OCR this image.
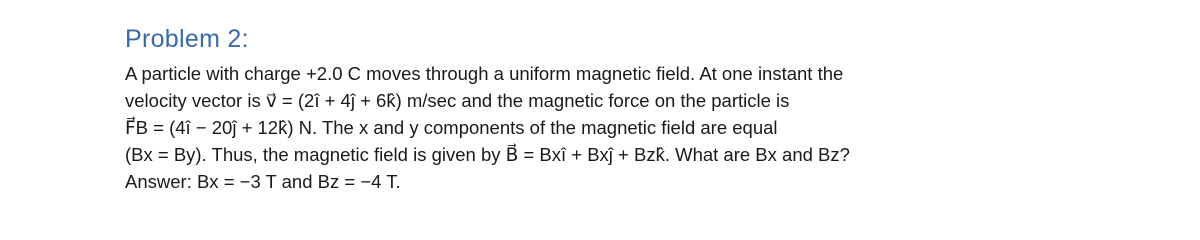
Problem 2:
A particle with charge +2.0 C moves through a uniform magnetic field. At one instant the
velocity vector is v⃗ = (2î + 4ĵ + 6k̂) m/sec and the magnetic force on the particle is
F⃗B = (4î − 20ĵ + 12k̂) N. The x and y components of the magnetic field are equal
(Bx = By). Thus, the magnetic field is given by B⃗ = Bxî + Bxĵ + Bzk̂. What are Bx and Bz?
Answer: Bx = −3 T and Bz = −4 T.
